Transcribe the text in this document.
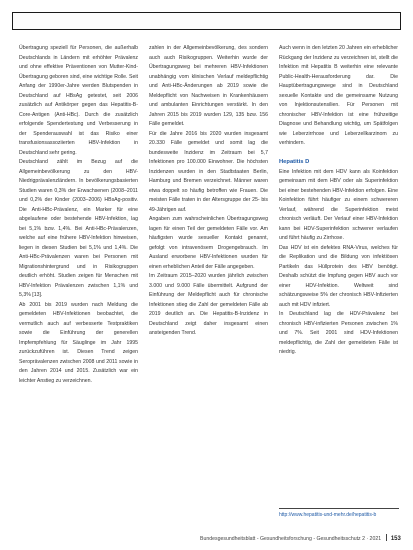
Übertragung speziell für Personen, die außerhalb Deutschlands in Ländern mit erhöhter Prävalenz und ohne effektive Präventionen von Mutter-Kind-Übertragung geboren sind, eine wichtige Rolle. Seit Anfang der 1990er-Jahre werden Blutspenden in Deutschland auf HBsAg getestet, seit 2006 zusätzlich auf Antikörper gegen das Hepatitis-B-Core-Antigen (Anti-HBc). Durch die zusätzlich erfolgende Spendertestung und Verbesserung in der Spenderauswahl ist das Risiko einer transfusionsassoziierten HBV-Infektion in Deutschland sehr gering.

Deutschland zählt im Bezug auf die Allgemeinbevölkerung zu den HBV-Niedrigprävalenzländern. In bevölkerungsbasierten Studien waren 0,3% der Erwachsenen (2008–2011 und 0,2% der Kinder (2003–2006) HBsAg-positiv. Die Anti-HBc-Prävalenz, ein Marker für eine abgelaufene oder bestehende HBV-Infektion, lag bei 5,1% bzw. 1,4%. Bei Anti-HBc-Prävalenzen, welche auf eine frühere HBV-Infektion hinweisen, liegen in diesen Studien bei 5,1% und 1,4%. Die Anti-HBc-Prävalenzen waren bei Personen mit Migrationshintergrund und in Risikogruppen deutlich erhöht. Studien zeigen für Menschen mit HBV-Infektion Prävalenzen zwischen 1,1% und 5,3% [13].

Ab 2001 bis 2019 wurden nach Meldung die gemeldeten HBV-Infektionen beobachtet, die vermutlich auch auf verbesserte Testpraktiken sowie die Einführung der generellen Impfempfehlung für Säuglinge im Jahr 1995 zurückzuführen ist. Diesen Trend zeigen Seroprävalenzen zwischen 2008 und 2011 sowie in den Jahren 2014 und 2015. Zusätzlich war ein leichter Anstieg zu verzeichnen.

zahlen in der Allgemeinbevölkerung, des sondern auch auch Risikogruppen. Weiterhin wurde der Übertragungsweg bei mehreren HBV-Infektionen unabhängig vom klinischen Verlauf meldepflichtig und Anti-HBc-Änderungen ab 2019 sowie die Meldepflicht von Nachweisen in Krankenhäusern und ambulanten Einrichtungen verstärkt. In den Jahren 2015 bis 2019 wurden 129, 135 bzw. 156 Fälle gemeldet.

Für die Jahre 2016 bis 2020 wurden insgesamt 20.330 Fälle gemeldet und somit lag die bundesweite Inzidenz im Zeitraum bei 5,7 Infektionen pro 100.000 Einwohner. Die höchsten Inzidenzen wurden in den Stadtstaaten Berlin, Hamburg und Bremen verzeichnet. Männer waren etwa doppelt so häufig betroffen wie Frauen. Die meisten Fälle traten in der Altersgruppe der 25- bis 49-Jährigen auf.

Angaben zum wahrscheinlichen Übertragungsweg lagen für einen Teil der gemeldeten Fälle vor. Am häufigsten wurde sexueller Kontakt genannt, gefolgt von intravenösem Drogengebrauch. Im Ausland erworbene HBV-Infektionen wurden für einen erheblichen Anteil der Fälle angegeben.

Im Zeitraum 2015–2020 wurden jährlich zwischen 3.000 und 9.000 Fälle übermittelt. Aufgrund der Einführung der Meldepflicht auch für chronische Infektionen stieg die Zahl der gemeldeten Fälle ab 2019 deutlich an. Die Hepatitis-B-Inzidenz in Deutschland zeigt daher insgesamt einen ansteigenden Trend.

Auch wenn in den letzten 20 Jahren ein erheblicher Rückgang der Inzidenz zu verzeichnen ist, stellt die Infektion mit Hepatitis B weiterhin eine relevante Public-Health-Herausforderung dar. Die Hauptübertragungswege sind in Deutschland sexuelle Kontakte und die gemeinsame Nutzung von Injektionsutensilien. Für Personen mit chronischer HBV-Infektion ist eine frühzeitige Diagnose und Behandlung wichtig, um Spätfolgen wie Leberzirrhose und Leberzellkarzinom zu verhindern.

Hepatitis D

Eine Infektion mit dem HDV kann als Koinfektion gemeinsam mit dem HBV oder als Superinfektion bei einer bestehenden HBV-Infektion erfolgen. Eine Koinfektion führt häufiger zu einem schwereren Verlauf, während die Superinfektion meist chronisch verläuft. Der Verlauf einer HBV-Infektion kann bei HDV-Superinfektion schwerer verlaufen und führt häufig zu Zirrhose.

Das HDV ist ein defektes RNA-Virus, welches für die Replikation und die Bildung von infektiösen Partikeln das Hüllprotein des HBV benötigt. Deshalb schützt die Impfung gegen HBV auch vor einer HDV-Infektion. Weltweit sind schätzungsweise 5% der chronisch HBV-Infizierten auch mit HDV infiziert.

In Deutschland lag die HDV-Prävalenz bei chronisch HBV-infizierten Personen zwischen 1% und 7%. Seit 2001 sind HDV-Infektionen meldepflichtig, die Zahl der gemeldeten Fälle ist niedrig.

http://www.hepatitis-und-mehr.de/hepatitis-b
Bundesgesundheitsblatt - Gesundheitsforschung - Gesundheitsschutz 2 · 2021 153
